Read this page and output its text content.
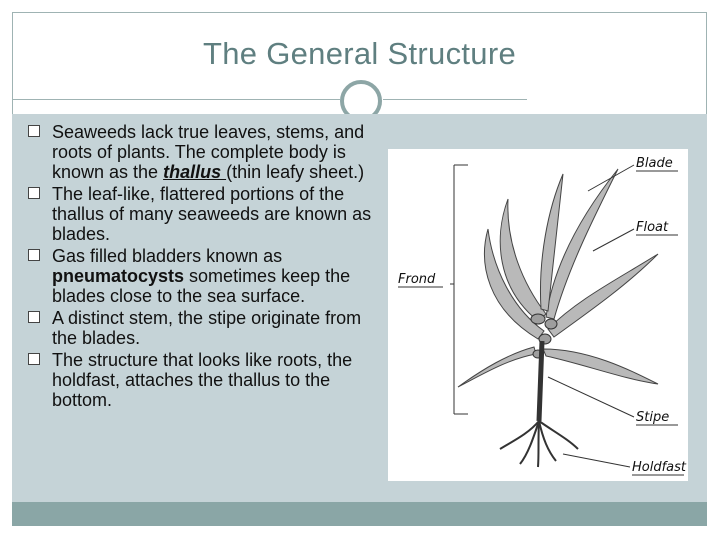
The General Structure
Seaweeds lack true leaves, stems, and roots of plants. The complete body is known as the thallus (thin leafy sheet.)
The leaf-like, flattered portions of the thallus of many seaweeds are known as blades.
Gas filled bladders known as pneumatocysts sometimes keep the blades close to the sea surface.
A distinct stem, the stipe originate from the blades.
The structure that looks like roots, the holdfast, attaches the thallus to the bottom.
Blade
Float
Frond
Stipe
Holdfast
